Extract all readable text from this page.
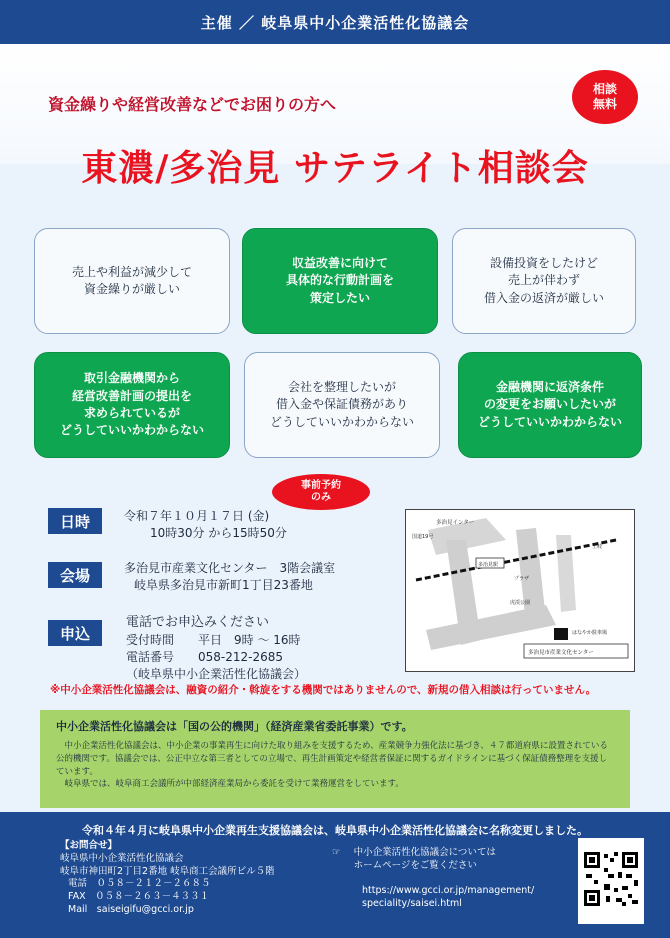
主催 ／ 岐阜県中小企業活性化協議会
資金繰りや経営改善などでお困りの方へ
相談
無料
東濃/多治見 サテライト相談会
売上や利益が減少して
資金繰りが厳しい
収益改善に向けて
具体的な行動計画を
策定したい
設備投資をしたけど
売上が伴わず
借入金の返済が厳しい
取引金融機関から
経営改善計画の提出を
求められているが
どうしていいかわからない
会社を整理したいが
借入金や保証債務があり
どうしていいかわからない
金融機関に返済条件
の変更をお願いしたいが
どうしていいかわからない
事前予約
のみ
日時	令和７年１０月１７日 (金)
10時30分 から15時50分
会場	多治見市産業文化センター　3階会議室
岐阜県多治見市新町1丁目23番地
申込
電話でお申込みください
受付時間　　平日　9時 ～ 16時
電話番号　　058-212-2685
（岐阜県中小企業活性化協議会）
多治見インター
国道19号
多治見駅
土岐
プラザ
虎渓公園
はなやか駐車場
多治見市産業文化センター
※中小企業活性化協議会は、融資の紹介・斡旋をする機関ではありませんので、新規の借入相談は行っていません。
中小企業活性化協議会は「国の公的機関」（経済産業省委託事業）です。
中小企業活性化協議会は、中小企業の事業再生に向けた取り組みを支援するため、産業競争力強化法に基づき、４７都道府県に設置されている公的機関です。協議会では、公正中立な第三者としての立場で、再生計画策定や経営者保証に関するガイドラインに基づく保証債務整理を支援しています。
岐阜県では、岐阜商工会議所が中部経済産業局から委託を受けて業務運営をしています。
令和４年４月に岐阜県中小企業再生支援協議会は、岐阜県中小企業活性化協議会に名称変更しました。
【お問合せ】
岐阜県中小企業活性化協議会
岐阜市神田町2丁目2番地 岐阜商工会議所ビル５階
電話　０５８－２１２－２６８５
FAX　０５８－２６３－４３３１
Mail　saiseigifu@gcci.or.jp
☞ 中小企業活性化協議会については
ホームページをご覧ください
https://www.gcci.or.jp/management/
speciality/saisei.html
